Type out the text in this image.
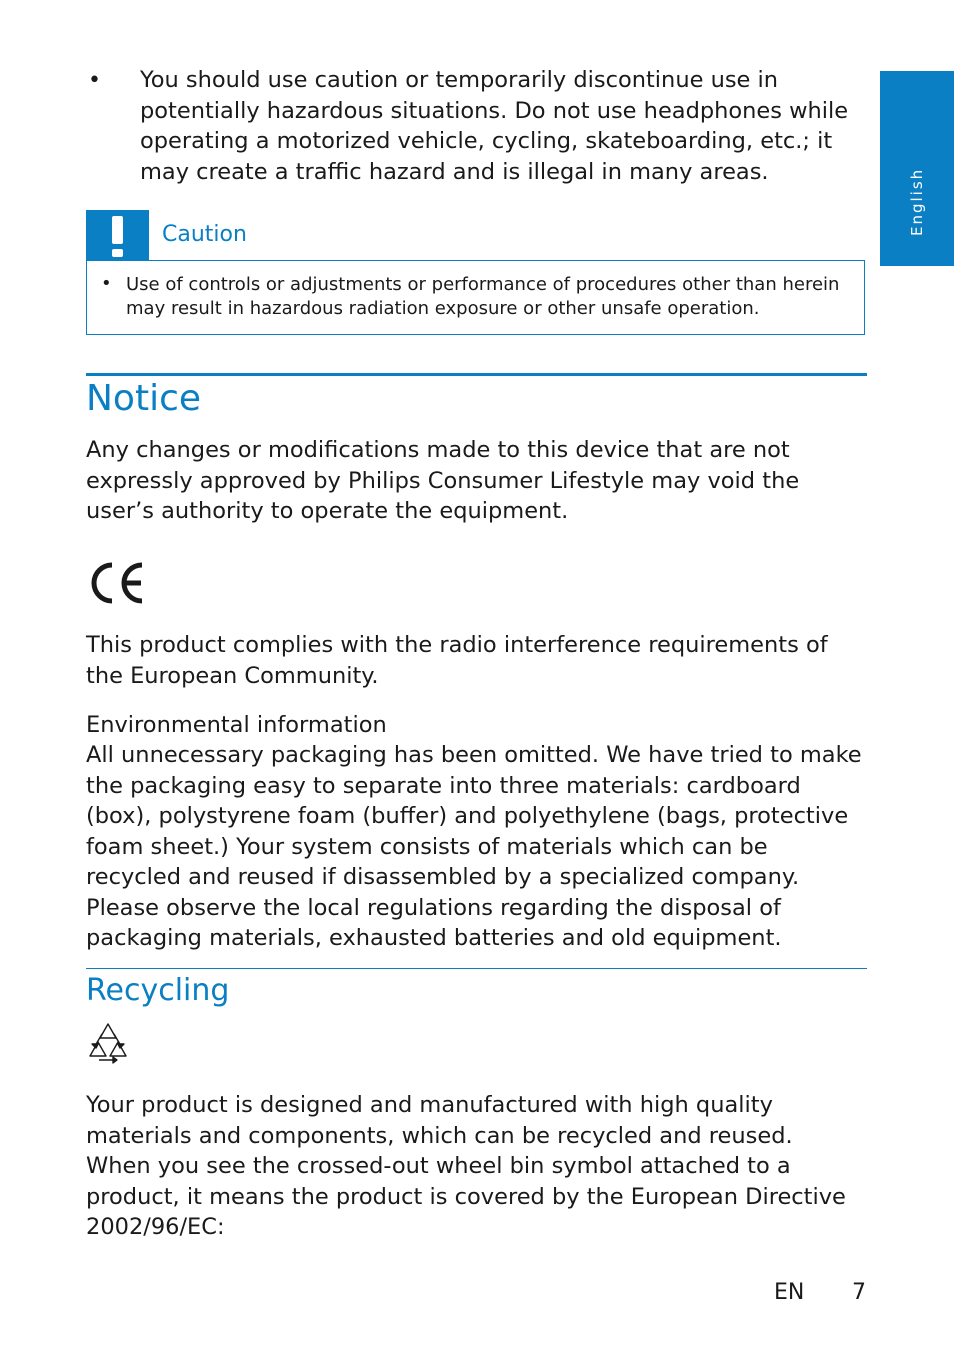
English
• You should use caution or temporarily discontinue use in potentially hazardous situations. Do not use headphones while operating a motorized vehicle, cycling, skateboarding, etc.; it may create a traffic hazard and is illegal in many areas.

Caution
• Use of controls or adjustments or performance of procedures other than herein may result in hazardous radiation exposure or other unsafe operation.

Notice

Any changes or modifications made to this device that are not expressly approved by Philips Consumer Lifestyle may void the user’s authority to operate the equipment.

This product complies with the radio interference requirements of the European Community.

Environmental information

All unnecessary packaging has been omitted. We have tried to make the packaging easy to separate into three materials: cardboard (box), polystyrene foam (buffer) and polyethylene (bags, protective foam sheet.) Your system consists of materials which can be recycled and reused if disassembled by a specialized company. Please observe the local regulations regarding the disposal of packaging materials, exhausted batteries and old equipment.

Recycling

Your product is designed and manufactured with high quality materials and components, which can be recycled and reused.

When you see the crossed-out wheel bin symbol attached to a product, it means the product is covered by the European Directive 2002/96/EC:

EN 7
